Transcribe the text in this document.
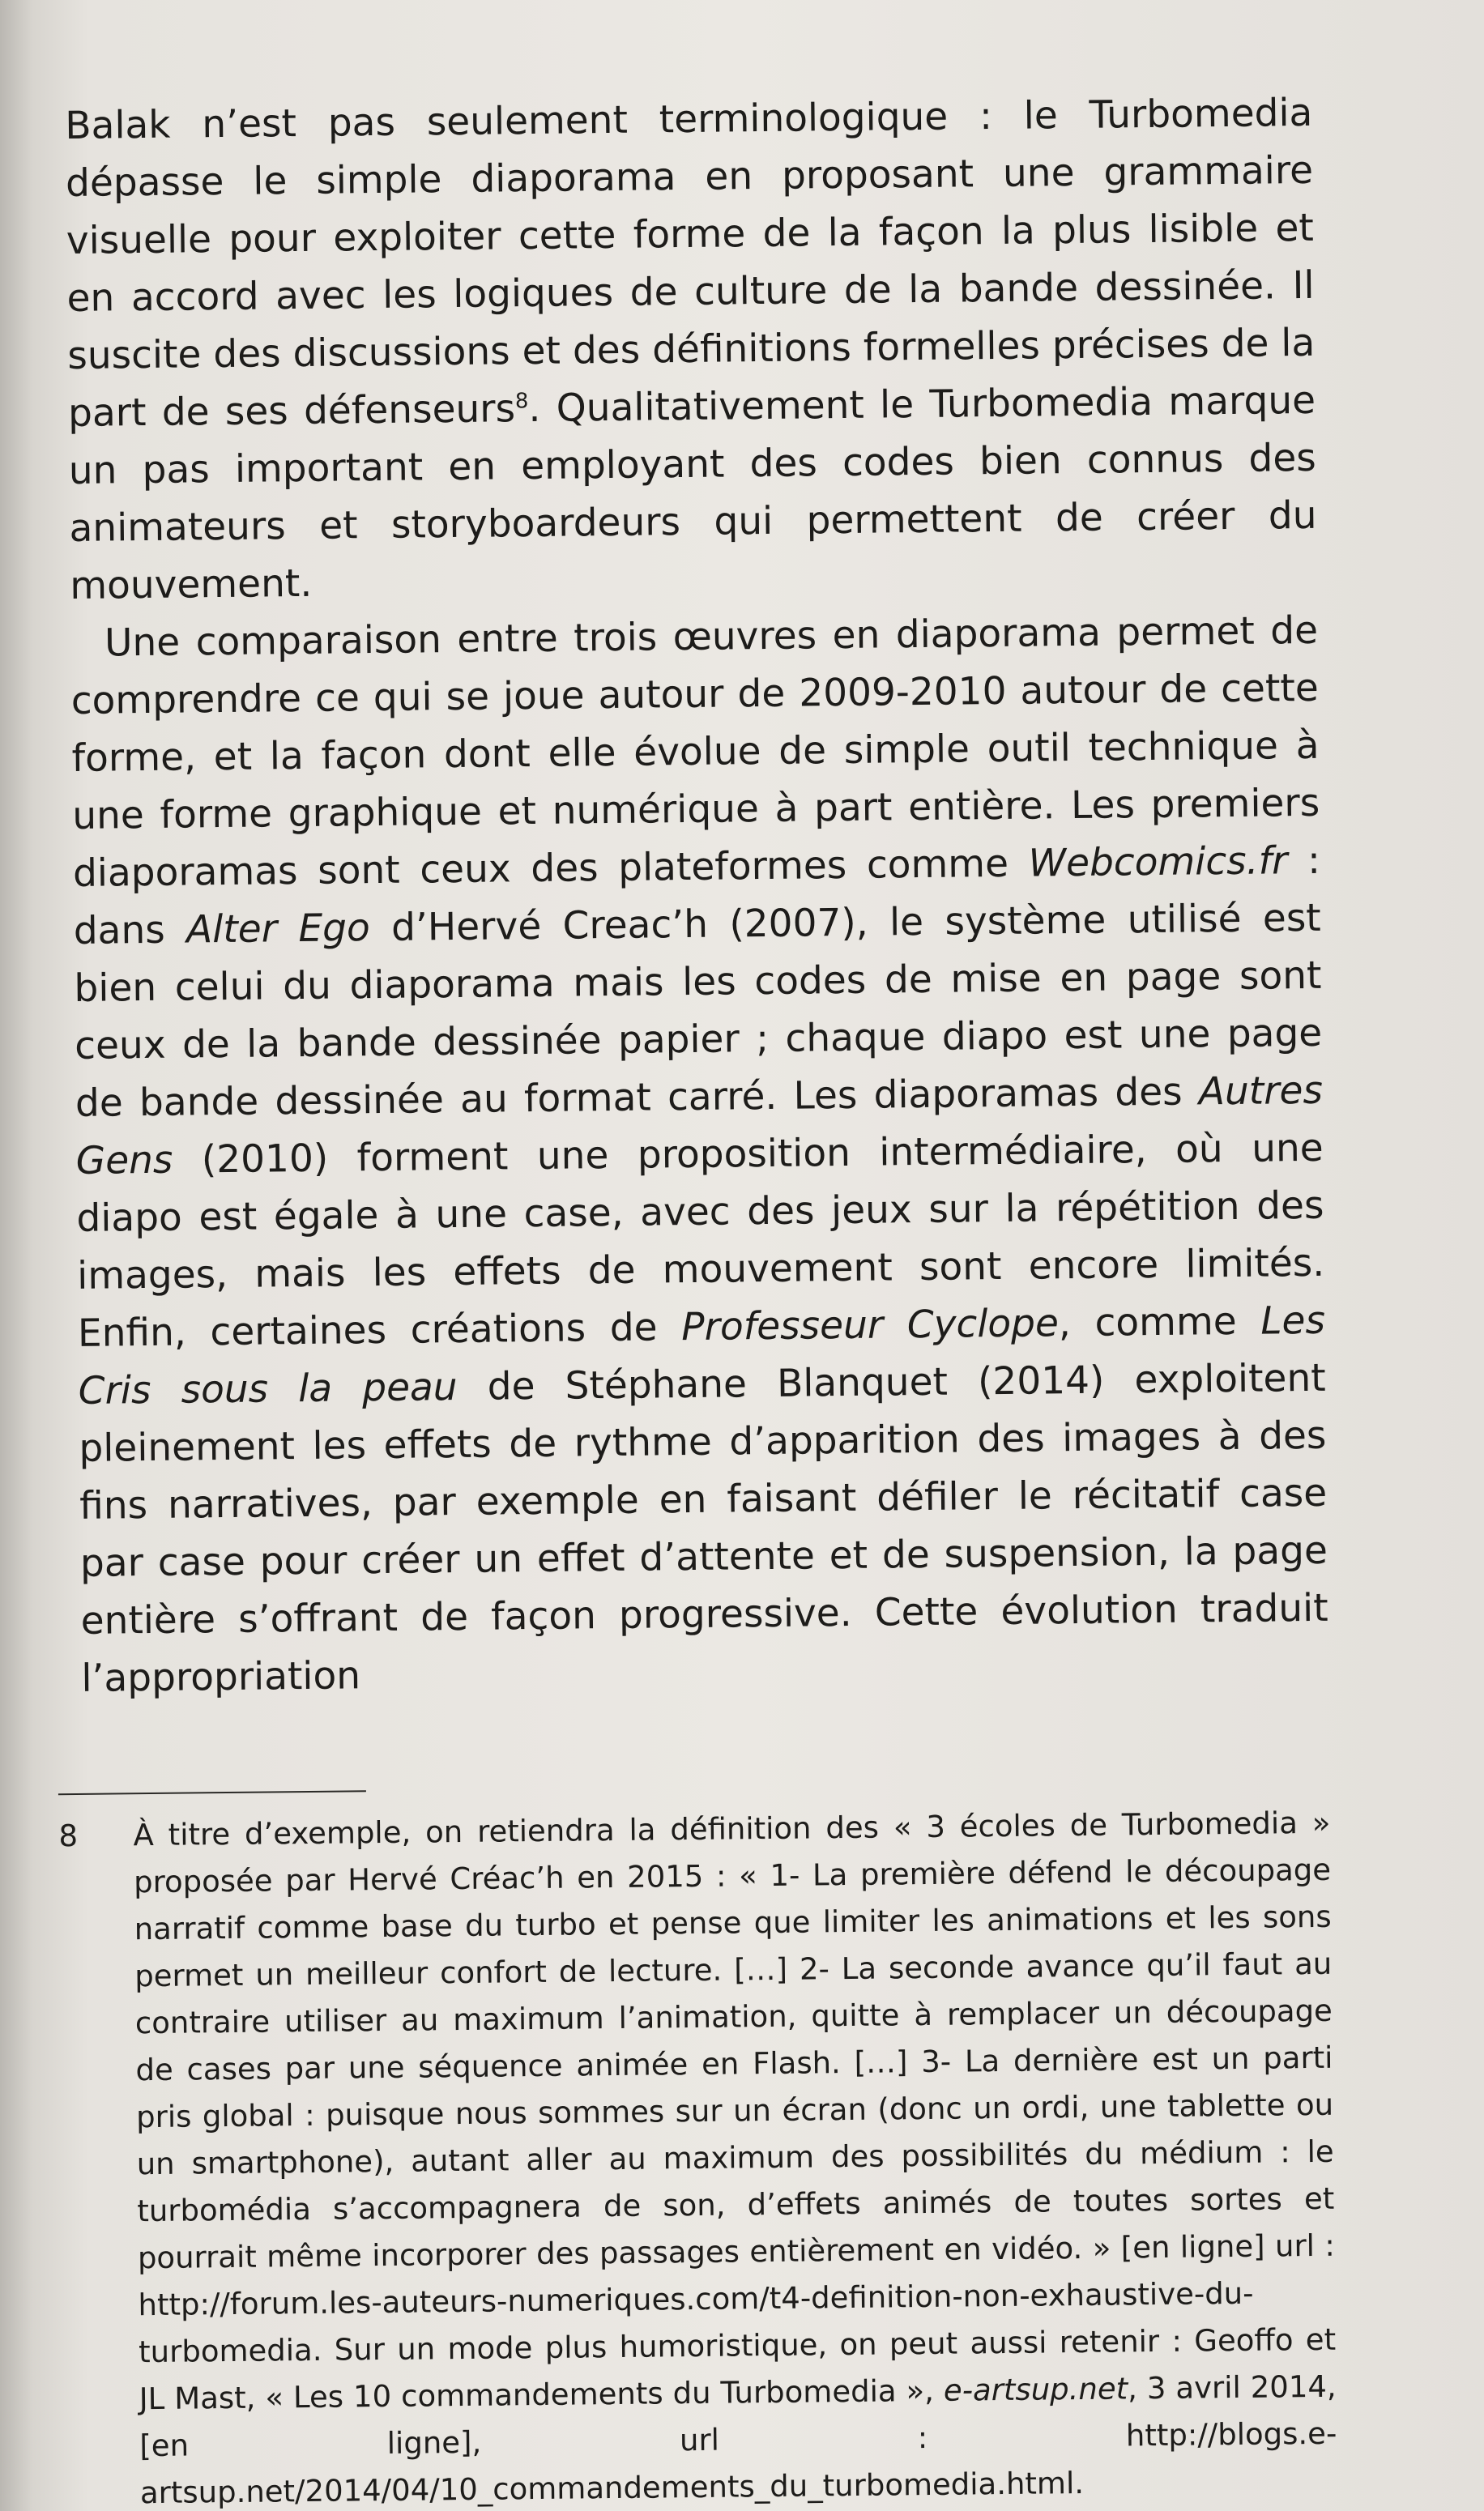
Balak n’est pas seulement terminologique : le Turbomedia dépasse le simple diaporama en proposant une grammaire visuelle pour exploiter cette forme de la façon la plus lisible et en accord avec les logiques de culture de la bande dessinée. Il suscite des discussions et des définitions formelles précises de la part de ses défenseurs$^8$. Qualitativement le Turbomedia marque un pas important en employant des codes bien connus des animateurs et storyboardeurs qui permettent de créer du mouvement.

Une comparaison entre trois œuvres en diaporama permet de comprendre ce qui se joue autour de 2009-2010 autour de cette forme, et la façon dont elle évolue de simple outil technique à une forme graphique et numérique à part entière. Les premiers diaporamas sont ceux des plateformes comme Webcomics.fr : dans Alter Ego d’Hervé Creac’h (2007), le système utilisé est bien celui du diaporama mais les codes de mise en page sont ceux de la bande dessinée papier ; chaque diapo est une page de bande dessinée au format carré. Les diaporamas des Autres Gens (2010) forment une proposition intermédiaire, où une diapo est égale à une case, avec des jeux sur la répétition des images, mais les effets de mouvement sont encore limités. Enfin, certaines créations de Professeur Cyclope, comme Les Cris sous la peau de Stéphane Blanquet (2014) exploitent pleinement les effets de rythme d’apparition des images à des fins narratives, par exemple en faisant défiler le récitatif case par case pour créer un effet d’attente et de suspension, la page entière s’offrant de façon progressive. Cette évolution traduit l’appropriation

8 À titre d’exemple, on retiendra la définition des « 3 écoles de Turbomedia » proposée par Hervé Créac’h en 2015 : « 1- La première défend le découpage narratif comme base du turbo et pense que limiter les animations et les sons permet un meilleur confort de lecture. […] 2- La seconde avance qu’il faut au contraire utiliser au maximum l’animation, quitte à remplacer un découpage de cases par une séquence animée en Flash. […] 3- La dernière est un parti pris global : puisque nous sommes sur un écran (donc un ordi, une tablette ou un smartphone), autant aller au maximum des possibilités du médium : le turbomédia s’accompagnera de son, d’effets animés de toutes sortes et pourrait même incorporer des passages entièrement en vidéo. » [en ligne] url : http://forum.les-auteurs-numeriques.com/t4-definition-non-exhaustive-du-turbomedia. Sur un mode plus humoristique, on peut aussi retenir : Geoffo et JL Mast, « Les 10 commandements du Turbomedia », e-artsup.net, 3 avril 2014, [en ligne], url : http://blogs.e-artsup.net/2014/04/10_commandements_du_turbomedia.html.
